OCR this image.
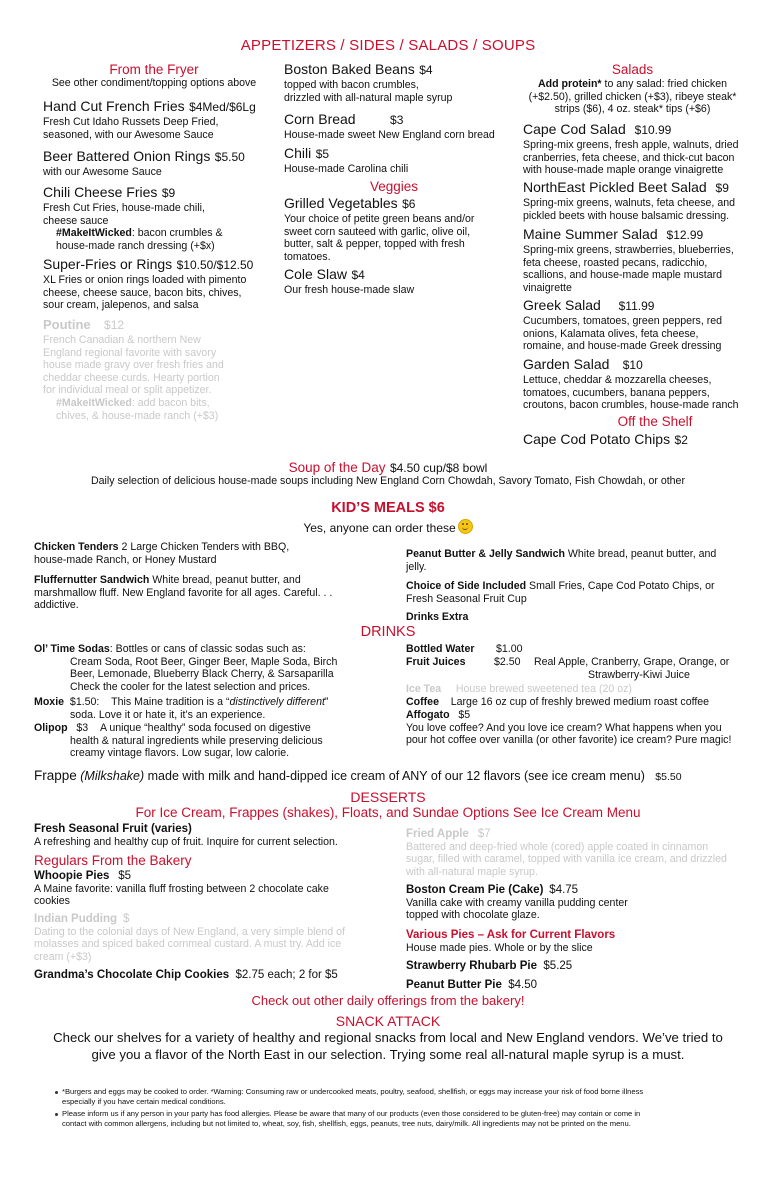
APPETIZERS / SIDES / SALADS / SOUPS
From the Fryer
See other condiment/topping options above
Hand Cut French Fries $4Med/$6Lg
Fresh Cut Idaho Russets Deep Fried,
seasoned, with our Awesome Sauce
Beer Battered Onion Rings $5.50
with our Awesome Sauce
Chili Cheese Fries $9
Fresh Cut Fries, house-made chili,
cheese sauce
#MakeItWicked: bacon crumbles &
house-made ranch dressing (+$x)
Super-Fries or Rings $10.50/$12.50
XL Fries or onion rings loaded with pimento
cheese, cheese sauce, bacon bits, chives,
sour cream, jalepenos, and salsa
Poutine $12
French Canadian & northern New
England regional favorite with savory
house made gravy over fresh fries and
cheddar cheese curds. Hearty portion
for individual meal or split appetizer.
#MakeItWicked: add bacon bits,
chives, & house-made ranch (+$3)
Boston Baked Beans $4
topped with bacon crumbles,
drizzled with all-natural maple syrup
Corn Bread	$3
House-made sweet New England corn bread
Chili $5
House-made Carolina chili
Veggies
Grilled Vegetables $6
Your choice of petite green beans and/or
sweet corn sauteed with garlic, olive oil,
butter, salt & pepper, topped with fresh
tomatoes.
Cole Slaw $4
Our fresh house-made slaw
Salads
Add protein* to any salad: fried chicken
(+$2.50), grilled chicken (+$3), ribeye steak*
strips ($6), 4 oz. steak* tips (+$6)
Cape Cod Salad $10.99
Spring-mix greens, fresh apple, walnuts, dried
cranberries, feta cheese, and thick-cut bacon
with house-made maple orange vinaigrette
NorthEast Pickled Beet Salad $9
Spring-mix greens, walnuts, feta cheese, and
pickled beets with house balsamic dressing.
Maine Summer Salad $12.99
Spring-mix greens, strawberries, blueberries,
feta cheese, roasted pecans, radicchio,
scallions, and house-made maple mustard
vinaigrette
Greek Salad $11.99
Cucumbers, tomatoes, green peppers, red
onions, Kalamata olives, feta cheese,
romaine, and house-made Greek dressing
Garden Salad $10
Lettuce, cheddar & mozzarella cheeses,
tomatoes, cucumbers, banana peppers,
croutons, bacon crumbles, house-made ranch
Off the Shelf
Cape Cod Potato Chips $2
Soup of the Day $4.50 cup/$8 bowl
Daily selection of delicious house-made soups including New England Corn Chowdah, Savory Tomato, Fish Chowdah, or other
KID’S MEALS $6
Yes, anyone can order these
Chicken Tenders 2 Large Chicken Tenders with BBQ,
house-made Ranch, or Honey Mustard
Fluffernutter Sandwich White bread, peanut butter, and
marshmallow fluff. New England favorite for all ages. Careful. . .
addictive.
Peanut Butter & Jelly Sandwich White bread, peanut butter, and
jelly.
Choice of Side Included Small Fries, Cape Cod Potato Chips, or
Fresh Seasonal Fruit Cup
Drinks Extra
DRINKS
Ol’ Time Sodas: Bottles or cans of classic sodas such as:
Cream Soda, Root Beer, Ginger Beer, Maple Soda, Birch
Beer, Lemonade, Blueberry Black Cherry, & Sarsaparilla
Check the cooler for the latest selection and prices.
Moxie $1.50: This Maine tradition is a “distinctively different”
soda. Love it or hate it, it’s an experience.
Olipop $3 A unique “healthy” soda focused on digestive
health & natural ingredients while preserving delicious
creamy vintage flavors. Low sugar, low calorie.
Bottled Water $1.00
Fruit Juices	$2.50 Real Apple, Cranberry, Grape, Orange, or
Strawberry-Kiwi Juice
Ice Tea House brewed sweetened tea (20 oz)
Coffee Large 16 oz cup of freshly brewed medium roast coffee
Affogato $5
You love coffee? And you love ice cream? What happens when you
pour hot coffee over vanilla (or other favorite) ice cream? Pure magic!
Frappe (Milkshake) made with milk and hand-dipped ice cream of ANY of our 12 flavors (see ice cream menu) $5.50
DESSERTS
For Ice Cream, Frappes (shakes), Floats, and Sundae Options See Ice Cream Menu
Fresh Seasonal Fruit (varies)
A refreshing and healthy cup of fruit. Inquire for current selection.
Regulars From the Bakery
Whoopie Pies $5
A Maine favorite: vanilla fluff frosting between 2 chocolate cake
cookies
Indian Pudding $
Dating to the colonial days of New England, a very simple blend of
molasses and spiced baked cornmeal custard. A must try. Add ice
cream (+$3)
Grandma’s Chocolate Chip Cookies $2.75 each; 2 for $5
Fried Apple $7
Battered and deep-fried whole (cored) apple coated in cinnamon
sugar, filled with caramel, topped with vanilla ice cream, and drizzled
with all-natural maple syrup.
Boston Cream Pie (Cake) $4.75
Vanilla cake with creamy vanilla pudding center
topped with chocolate glaze.
Various Pies – Ask for Current Flavors
House made pies. Whole or by the slice
Strawberry Rhubarb Pie $5.25
Peanut Butter Pie $4.50
Check out other daily offerings from the bakery!
SNACK ATTACK
Check our shelves for a variety of healthy and regional snacks from local and New England vendors. We’ve tried to
give you a flavor of the North East in our selection. Trying some real all-natural maple syrup is a must.
*Burgers and eggs may be cooked to order. *Warning: Consuming raw or undercooked meats, poultry, seafood, shellfish, or eggs may increase your risk of food borne illness
especially if you have certain medical conditions.
Please inform us if any person in your party has food allergies. Please be aware that many of our products (even those considered to be gluten-free) may contain or come in
contact with common allergens, including but not limited to, wheat, soy, fish, shellfish, eggs, peanuts, tree nuts, dairy/milk. All ingredients may not be printed on the menu.
